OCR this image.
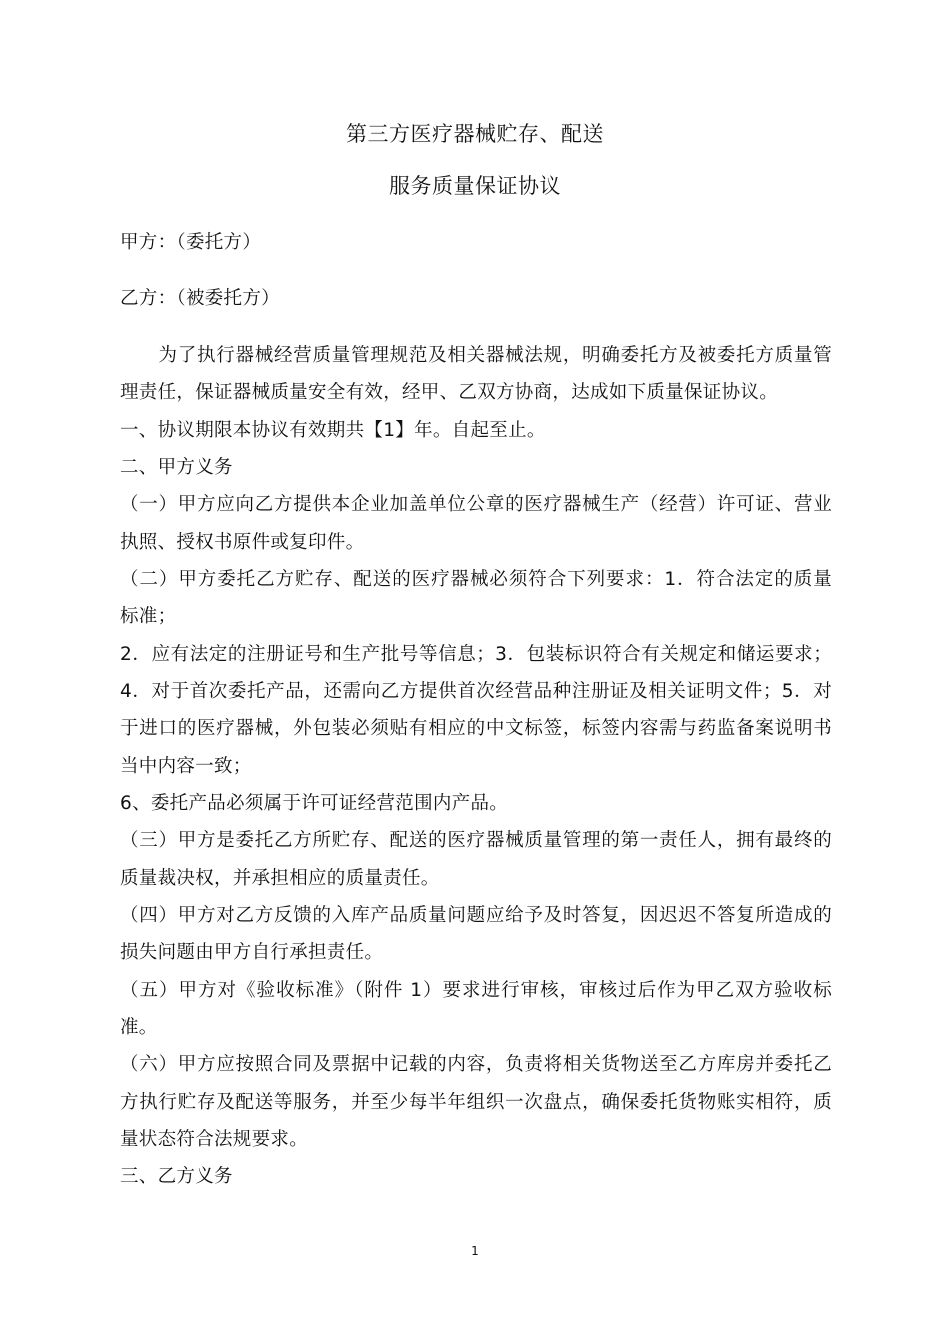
第三方医疗器械贮存、配送
服务质量保证协议
甲方：（委托方）
乙方：（被委托方）
　　为了执行器械经营质量管理规范及相关器械法规，明确委托方及被委托方质量管
理责任，保证器械质量安全有效，经甲、乙双方协商，达成如下质量保证协议。
一、协议期限本协议有效期共【1】年。自起至止。
二、甲方义务
（一）甲方应向乙方提供本企业加盖单位公章的医疗器械生产（经营）许可证、营业
执照、授权书原件或复印件。
（二）甲方委托乙方贮存、配送的医疗器械必须符合下列要求：1．符合法定的质量
标准；
2．应有法定的注册证号和生产批号等信息；3．包装标识符合有关规定和储运要求；
4．对于首次委托产品，还需向乙方提供首次经营品种注册证及相关证明文件；5．对
于进口的医疗器械，外包装必须贴有相应的中文标签，标签内容需与药监备案说明书
当中内容一致；
6、委托产品必须属于许可证经营范围内产品。
（三）甲方是委托乙方所贮存、配送的医疗器械质量管理的第一责任人，拥有最终的
质量裁决权，并承担相应的质量责任。
（四）甲方对乙方反馈的入库产品质量问题应给予及时答复，因迟迟不答复所造成的
损失问题由甲方自行承担责任。
（五）甲方对《验收标准》（附件 1）要求进行审核，审核过后作为甲乙双方验收标
准。
（六）甲方应按照合同及票据中记载的内容，负责将相关货物送至乙方库房并委托乙
方执行贮存及配送等服务，并至少每半年组织一次盘点，确保委托货物账实相符，质
量状态符合法规要求。
三、乙方义务
1
